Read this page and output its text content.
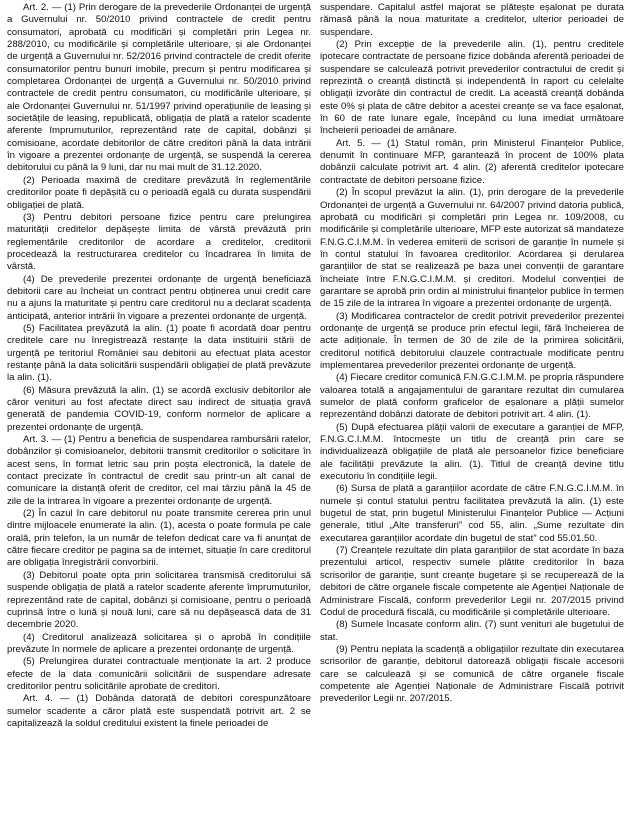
Art. 2. — (1) Prin derogare de la prevederile Ordonanței de urgență a Guvernului nr. 50/2010 privind contractele de credit pentru consumatori, aprobată cu modificări și completări prin Legea nr. 288/2010, cu modificările și completările ulterioare, și ale Ordonanței de urgență a Guvernului nr. 52/2016 privind contractele de credit oferite consumatorilor pentru bunuri imobile, precum și pentru modificarea și completarea Ordonanței de urgență a Guvernului nr. 50/2010 privind contractele de credit pentru consumatori, cu modificările ulterioare, și ale Ordonanței Guvernului nr. 51/1997 privind operațiunile de leasing și societățile de leasing, republicată, obligația de plată a ratelor scadente aferente împrumuturilor, reprezentând rate de capital, dobânzi și comisioane, acordate debitorilor de către creditori până la data intrării în vigoare a prezentei ordonanțe de urgență, se suspendă la cererea debitorului cu până la 9 luni, dar nu mai mult de 31.12.2020.

(2) Perioada maximă de creditare prevăzută în reglementările creditorilor poate fi depășită cu o perioadă egală cu durata suspendării obligației de plată.

(3) Pentru debitori persoane fizice pentru care prelungirea maturității creditelor depășește limita de vârstă prevăzută prin reglementările creditorilor de acordare a creditelor, creditorii procedează la restructurarea creditelor cu încadrarea în limita de vârstă.

(4) De prevederile prezentei ordonanțe de urgență beneficiază debitorii care au încheiat un contract pentru obținerea unui credit care nu a ajuns la maturitate și pentru care creditorul nu a declarat scadența anticipată, anterior intrării în vigoare a prezentei ordonanțe de urgență.

(5) Facilitatea prevăzută la alin. (1) poate fi acordată doar pentru creditele care nu înregistrează restanțe la data instituirii stării de urgență pe teritoriul României sau debitorii au efectuat plata acestor restanțe până la data solicitării suspendării obligației de plată prevăzute la alin. (1).

(6) Măsura prevăzută la alin. (1) se acordă exclusiv debitorilor ale căror venituri au fost afectate direct sau indirect de situația gravă generată de pandemia COVID-19, conform normelor de aplicare a prezentei ordonanțe de urgență.

Art. 3. — (1) Pentru a beneficia de suspendarea rambursării ratelor, dobânzilor și comisioanelor, debitorii transmit creditorilor o solicitare în acest sens, în format letric sau prin poșta electronică, la datele de contact precizate în contractul de credit sau printr-un alt canal de comunicare la distanță oferit de creditor, cel mai târziu până la 45 de zile de la intrarea în vigoare a prezentei ordonanțe de urgență.

(2) În cazul în care debitorul nu poate transmite cererea prin unul dintre mijloacele enumerate la alin. (1), acesta o poate formula pe cale orală, prin telefon, la un număr de telefon dedicat care va fi anunțat de către fiecare creditor pe pagina sa de internet, situație în care creditorul are obligația înregistrării convorbirii.

(3) Debitorul poate opta prin solicitarea transmisă creditorului să suspende obligația de plată a ratelor scadente aferente împrumuturilor, reprezentând rate de capital, dobânzi și comisioane, pentru o perioadă cuprinsă între o lună și nouă luni, care să nu depășească data de 31 decembrie 2020.

(4) Creditorul analizează solicitarea și o aprobă în condițiile prevăzute în normele de aplicare a prezentei ordonanțe de urgență.

(5) Prelungirea duratei contractuale menționate la art. 2 produce efecte de la data comunicării solicitării de suspendare adresate creditorilor pentru solicitările aprobate de creditori.

Art. 4. — (1) Dobânda datorată de debitori corespunzătoare sumelor scadente a căror plată este suspendată potrivit art. 2 se capitalizează la soldul creditului existent la finele perioadei de

suspendare. Capitalul astfel majorat se plătește eșalonat pe durata rămasă până la noua maturitate a creditelor, ulterior perioadei de suspendare.

(2) Prin excepție de la prevederile alin. (1), pentru creditele ipotecare contractate de persoane fizice dobânda aferentă perioadei de suspendare se calculează potrivit prevederilor contractului de credit și reprezintă o creanță distinctă și independentă în raport cu celelalte obligații izvorâte din contractul de credit. La această creanță dobânda este 0% și plata de către debitor a acestei creanțe se va face eșalonat, în 60 de rate lunare egale, începând cu luna imediat următoare încheierii perioadei de amânare.

Art. 5. — (1) Statul român, prin Ministerul Finanțelor Publice, denumit în continuare MFP, garantează în procent de 100% plata dobânzii calculate potrivit art. 4 alin. (2) aferentă creditelor ipotecare contractate de debitori persoane fizice.

(2) În scopul prevăzut la alin. (1), prin derogare de la prevederile Ordonanței de urgență a Guvernului nr. 64/2007 privind datoria publică, aprobată cu modificări și completări prin Legea nr. 109/2008, cu modificările și completările ulterioare, MFP este autorizat să mandateze F.N.G.C.I.M.M. în vederea emiterii de scrisori de garanție în numele și în contul statului în favoarea creditorilor. Acordarea și derularea garanțiilor de stat se realizează pe baza unei convenții de garantare încheiate între F.N.G.C.I.M.M. și creditori. Modelul convenției de garantare se aprobă prin ordin al ministrului finanțelor publice în termen de 15 zile de la intrarea în vigoare a prezentei ordonanțe de urgență.

(3) Modificarea contractelor de credit potrivit prevederilor prezentei ordonanțe de urgență se produce prin efectul legii, fără încheierea de acte adiționale. În termen de 30 de zile de la primirea solicitării, creditorul notifică debitorului clauzele contractuale modificate pentru implementarea prevederilor prezentei ordonanțe de urgență.

(4) Fiecare creditor comunică F.N.G.C.I.M.M. pe propria răspundere valoarea totală a angajamentului de garantare rezultat din cumularea sumelor de plată conform graficelor de eșalonare a plății sumelor reprezentând dobânzi datorate de debitori potrivit art. 4 alin. (1).

(5) După efectuarea plății valorii de executare a garanției de MFP, F.N.G.C.I.M.M. întocmește un titlu de creanță prin care se individualizează obligațiile de plată ale persoanelor fizice beneficiare ale facilității prevăzute la alin. (1). Titlul de creanță devine titlu executoriu în condițiile legii.

(6) Sursa de plată a garanțiilor acordate de către F.N.G.C.I.M.M. în numele și contul statului pentru facilitatea prevăzută la alin. (1) este bugetul de stat, prin bugetul Ministerului Finanțelor Publice — Acțiuni generale, titlul „Alte transferuri” cod 55, alin. „Sume rezultate din executarea garanțiilor acordate din bugetul de stat” cod 55.01.50.

(7) Creanțele rezultate din plata garanțiilor de stat acordate în baza prezentului articol, respectiv sumele plătite creditorilor în baza scrisorilor de garanție, sunt creanțe bugetare și se recuperează de la debitori de către organele fiscale competente ale Agenției Naționale de Administrare Fiscală, conform prevederilor Legii nr. 207/2015 privind Codul de procedură fiscală, cu modificările și completările ulterioare.

(8) Sumele încasate conform alin. (7) sunt venituri ale bugetului de stat.

(9) Pentru neplata la scadență a obligațiilor rezultate din executarea scrisorilor de garanție, debitorul datorează obligații fiscale accesorii care se calculează și se comunică de către organele fiscale competente ale Agenției Naționale de Administrare Fiscală potrivit prevederilor Legii nr. 207/2015.
